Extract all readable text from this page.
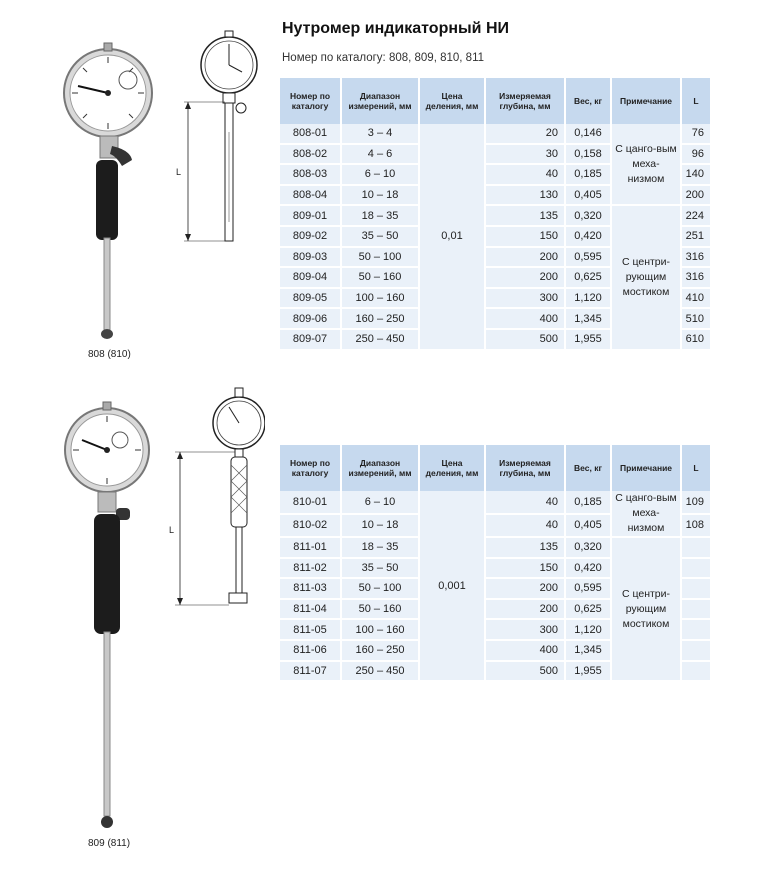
Нутромер индикаторный НИ
Номер по каталогу: 808, 809, 810, 811
808 (810)
L
809 (811)
L
Номер по каталогу	Диапазон измерений, мм	Цена деления, мм	Измеряемая глубина, мм	Вес, кг	Примечание	L
808-01	3 – 4	0,01	20	0,146	С цанго-вым меха-низмом	76
808-02	4 – 6		30	0,158		96
808-03	6 – 10		40	0,185		140
808-04	10 – 18		130	0,405		200
809-01	18 – 35		135	0,320	С центри-рующим мостиком	224
809-02	35 – 50		150	0,420		251
809-03	50 – 100		200	0,595		316
809-04	50 – 160		200	0,625		316
809-05	100 – 160		300	1,120		410
809-06	160 – 250		400	1,345		510
809-07	250 – 450		500	1,955		610
Номер по каталогу	Диапазон измерений, мм	Цена деления, мм	Измеряемая глубина, мм	Вес, кг	Примечание	L
810-01	6 – 10	0,001	40	0,185	С цанго-вым меха-низмом	109
810-02	10 – 18		40	0,405		108
811-01	18 – 35		135	0,320	С центри-рующим мостиком	
811-02	35 – 50		150	0,420		
811-03	50 – 100		200	0,595		
811-04	50 – 160		200	0,625		
811-05	100 – 160		300	1,120		
811-06	160 – 250		400	1,345		
811-07	250 – 450		500	1,955		
